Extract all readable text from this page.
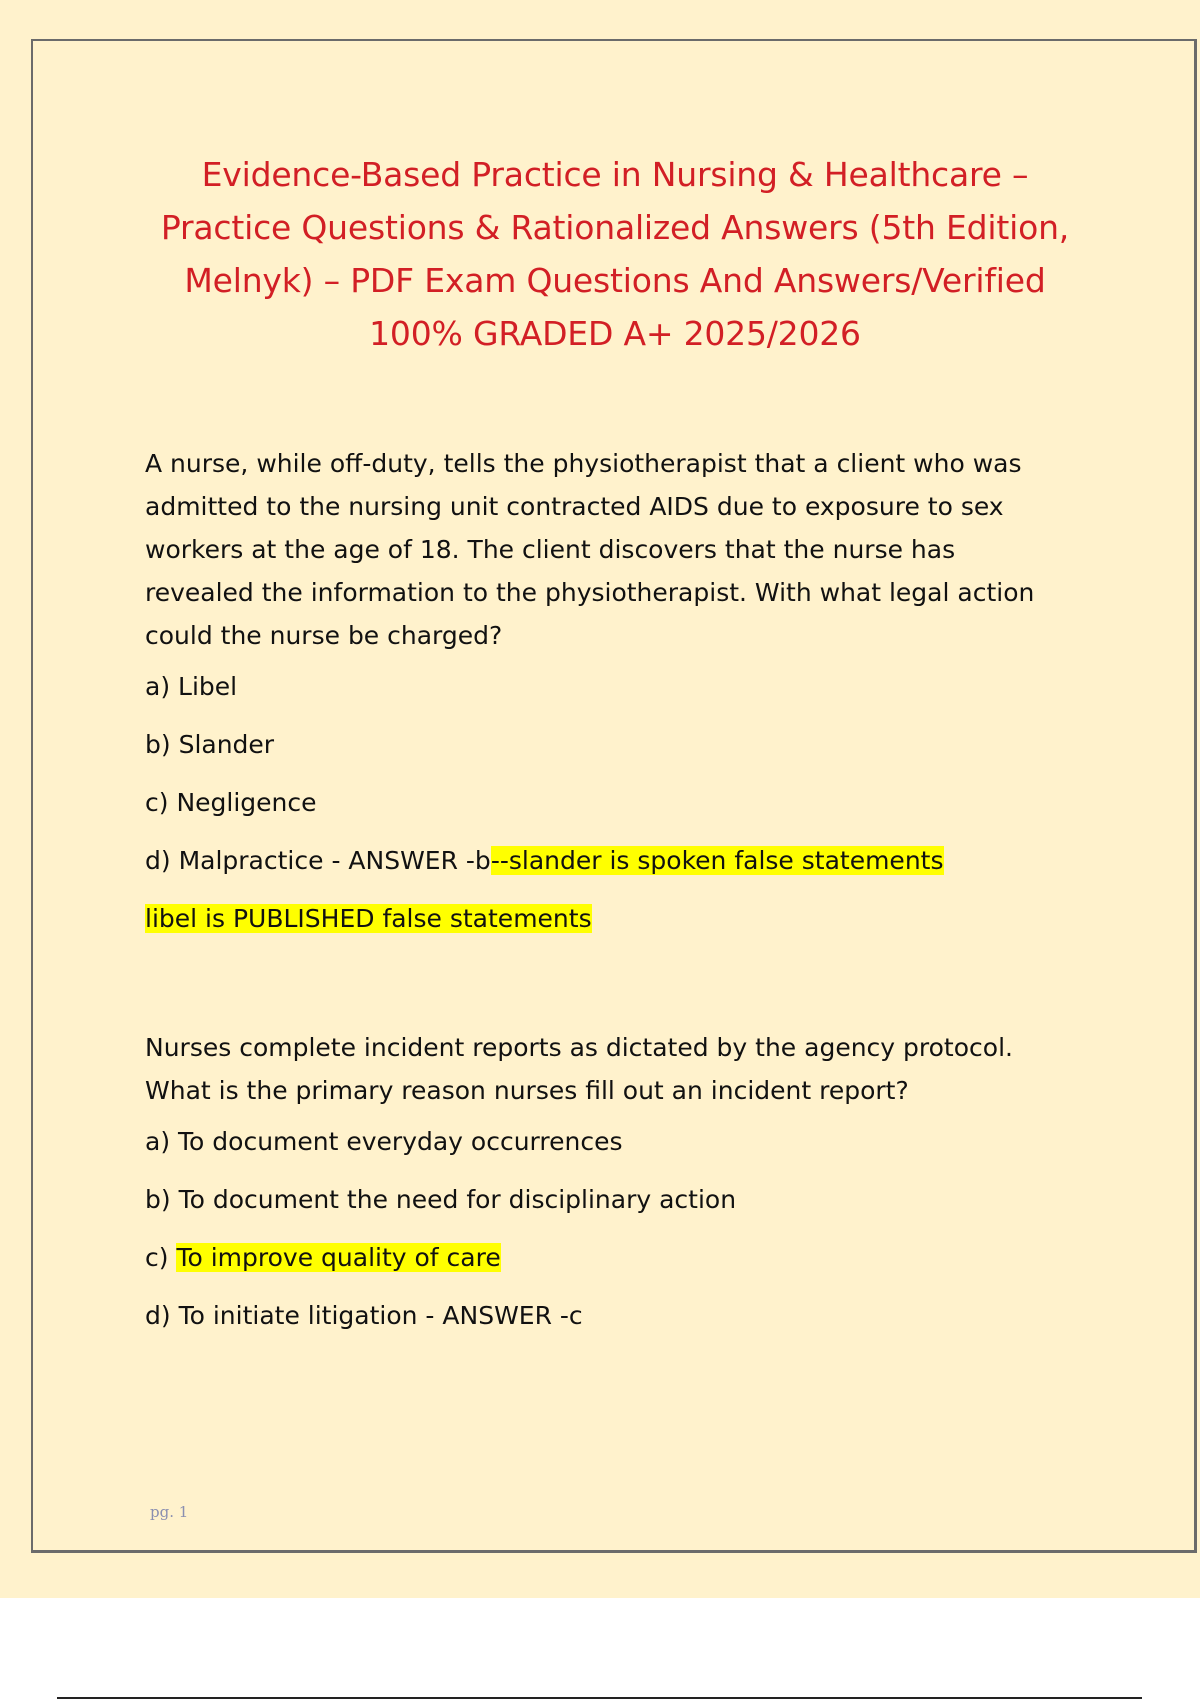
Evidence-Based Practice in Nursing & Healthcare –
Practice Questions & Rationalized Answers (5th Edition,
Melnyk) – PDF Exam Questions And Answers/Verified
100% GRADED A+ 2025/2026
A nurse, while off-duty, tells the physiotherapist that a client who was
admitted to the nursing unit contracted AIDS due to exposure to sex
workers at the age of 18. The client discovers that the nurse has
revealed the information to the physiotherapist. With what legal action
could the nurse be charged?
a) Libel
b) Slander
c) Negligence
d) Malpractice - ANSWER -b--slander is spoken false statements
libel is PUBLISHED false statements
Nurses complete incident reports as dictated by the agency protocol.
What is the primary reason nurses fill out an incident report?
a) To document everyday occurrences
b) To document the need for disciplinary action
c) To improve quality of care
d) To initiate litigation - ANSWER -c
pg. 1
